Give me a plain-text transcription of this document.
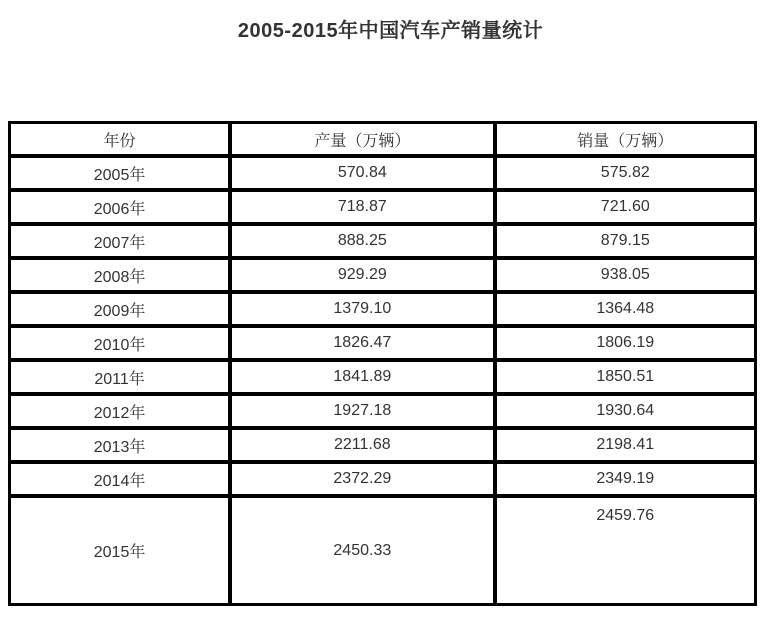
2005-2015年中国汽车产销量统计
年份	产量（万辆）	销量（万辆）
2005年	570.84	575.82
2006年	718.87	721.60
2007年	888.25	879.15
2008年	929.29	938.05
2009年	1379.10	1364.48
2010年	1826.47	1806.19
2011年	1841.89	1850.51
2012年	1927.18	1930.64
2013年	2211.68	2198.41
2014年	2372.29	2349.19
2015年	2450.33	2459.76
